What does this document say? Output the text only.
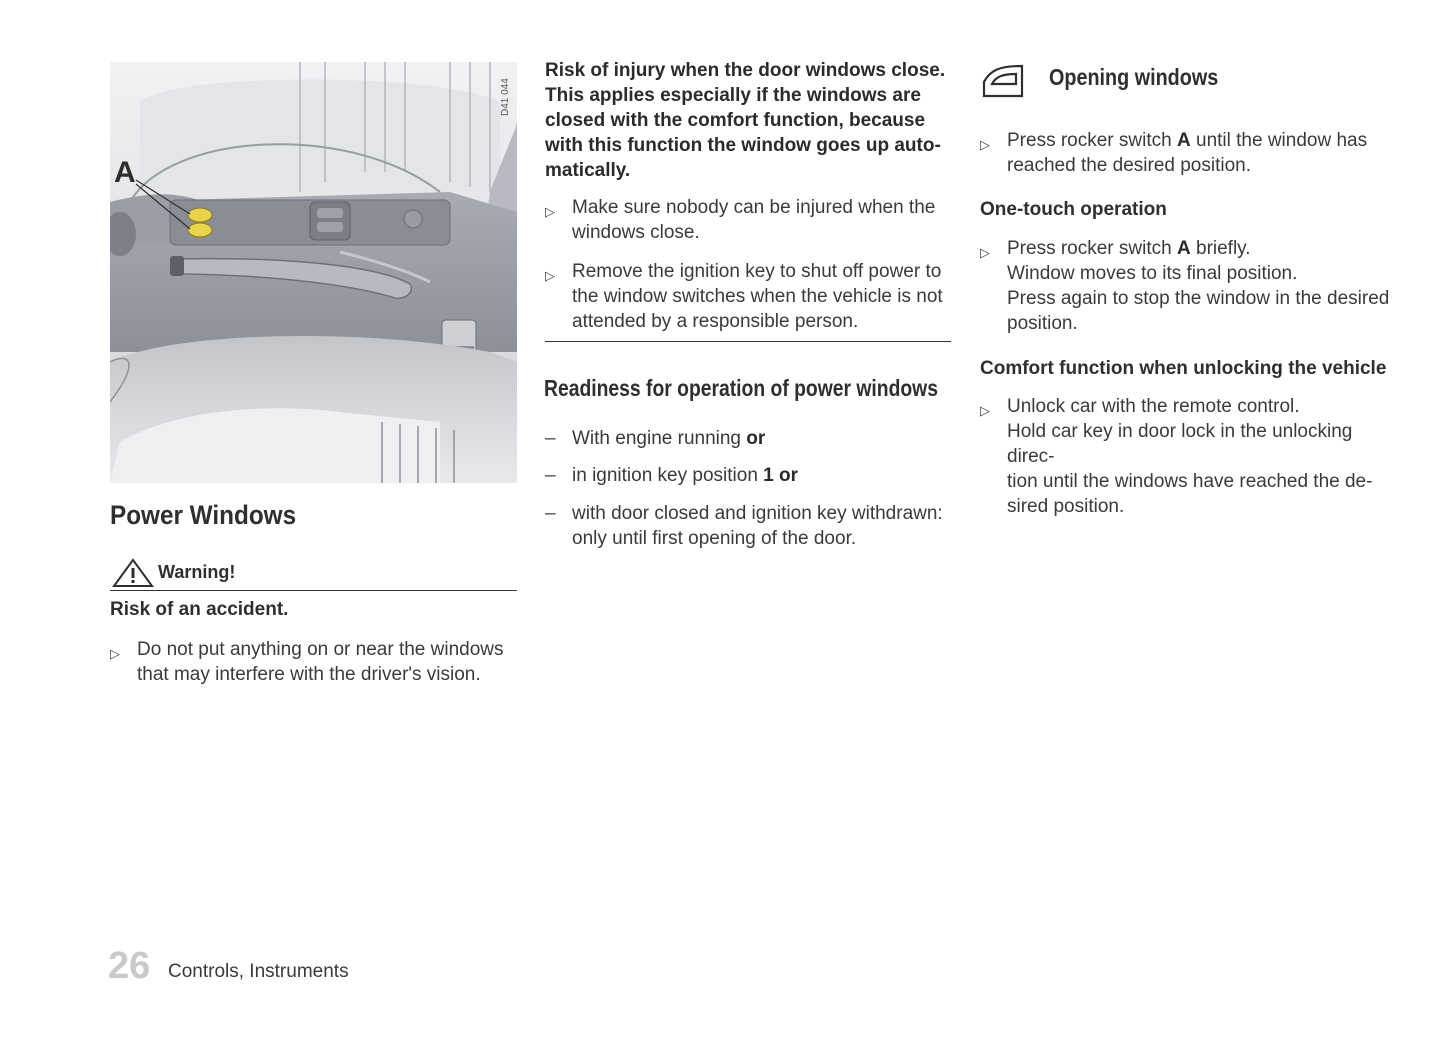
A
D41 044
Power Windows
Warning!
Risk of an accident.
▷ Do not put anything on or near the windows
that may interfere with the driver's vision.
26 Controls, Instruments
Risk of injury when the door windows close.
This applies especially if the windows are
closed with the comfort function, because
with this function the window goes up auto-
matically.
▷ Make sure nobody can be injured when the
windows close.
▷ Remove the ignition key to shut off power to
the window switches when the vehicle is not
attended by a responsible person.
Readiness for operation of power windows
– With engine running or
– in ignition key position 1 or
– with door closed and ignition key withdrawn:
only until first opening of the door.
Opening windows
▷ Press rocker switch A until the window has
reached the desired position.
One-touch operation
▷ Press rocker switch A briefly.
Window moves to its final position.
Press again to stop the window in the desired
position.
Comfort function when unlocking the vehicle
▷ Unlock car with the remote control.
Hold car key in door lock in the unlocking direc-
tion until the windows have reached the de-
sired position.
